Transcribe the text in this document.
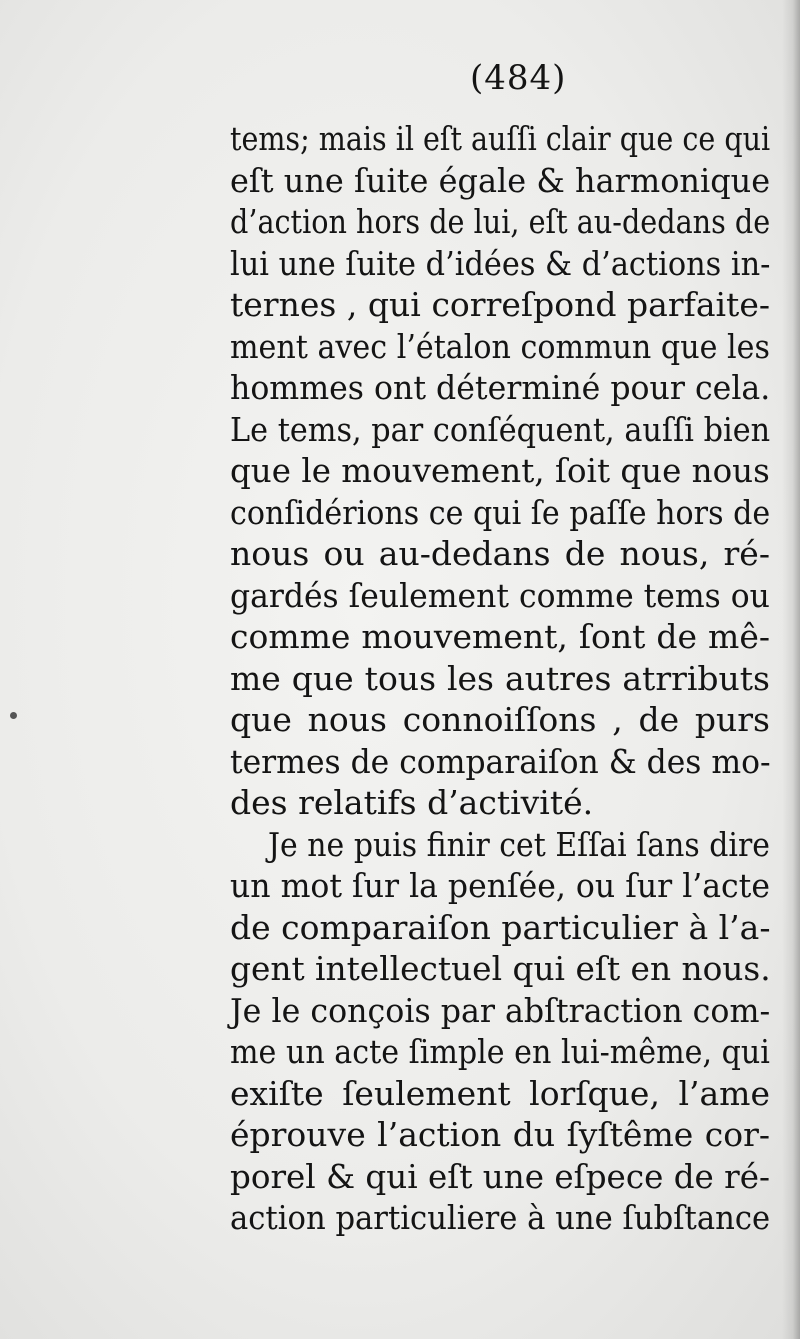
(484)
tems; mais il eſt auſſi clair que ce qui
eſt une ſuite égale & harmonique
d’action hors de lui, eſt au-dedans de
lui une ſuite d’idées & d’actions in-
ternes , qui correſpond parfaite-
ment avec l’étalon commun que les
hommes ont déterminé pour cela.
Le tems, par conſéquent, auſſi bien
que le mouvement, ſoit que nous
conſidérions ce qui ſe paſſe hors de
nous ou au-dedans de nous, ré-
gardés ſeulement comme tems ou
comme mouvement, ſont de mê-
me que tous les autres atrributs
que nous connoiſſons , de purs
termes de comparaiſon & des mo-
des relatifs d’activité.
Je ne puis finir cet Eſſai ſans dire
un mot ſur la penſée, ou ſur l’acte
de comparaiſon particulier à l’a-
gent intellectuel qui eſt en nous.
Je le conçois par abſtraction com-
me un acte ſimple en lui-même, qui
exiſte ſeulement lorſque, l’ame
éprouve l’action du ſyſtême cor-
porel & qui eſt une eſpece de ré-
action particuliere à une ſubſtance
